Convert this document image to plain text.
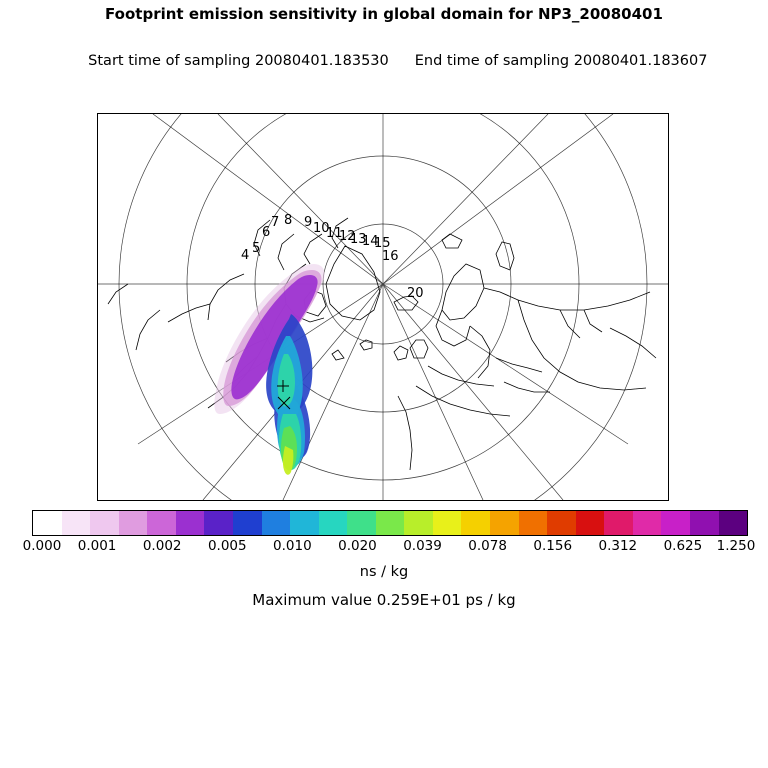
Footprint emission sensitivity in global domain for NP3_20080401

Start time of sampling 20080401.183530 End time of sampling 20080401.183607

4 5
6
7 8 9 10
11
12
13
14
15
16
20
0.000 0.001 0.002 0.005 0.010 0.020 0.039 0.078 0.156 0.312 0.625 1.250
ns / kg
Maximum value 0.259E+01 ps / kg
